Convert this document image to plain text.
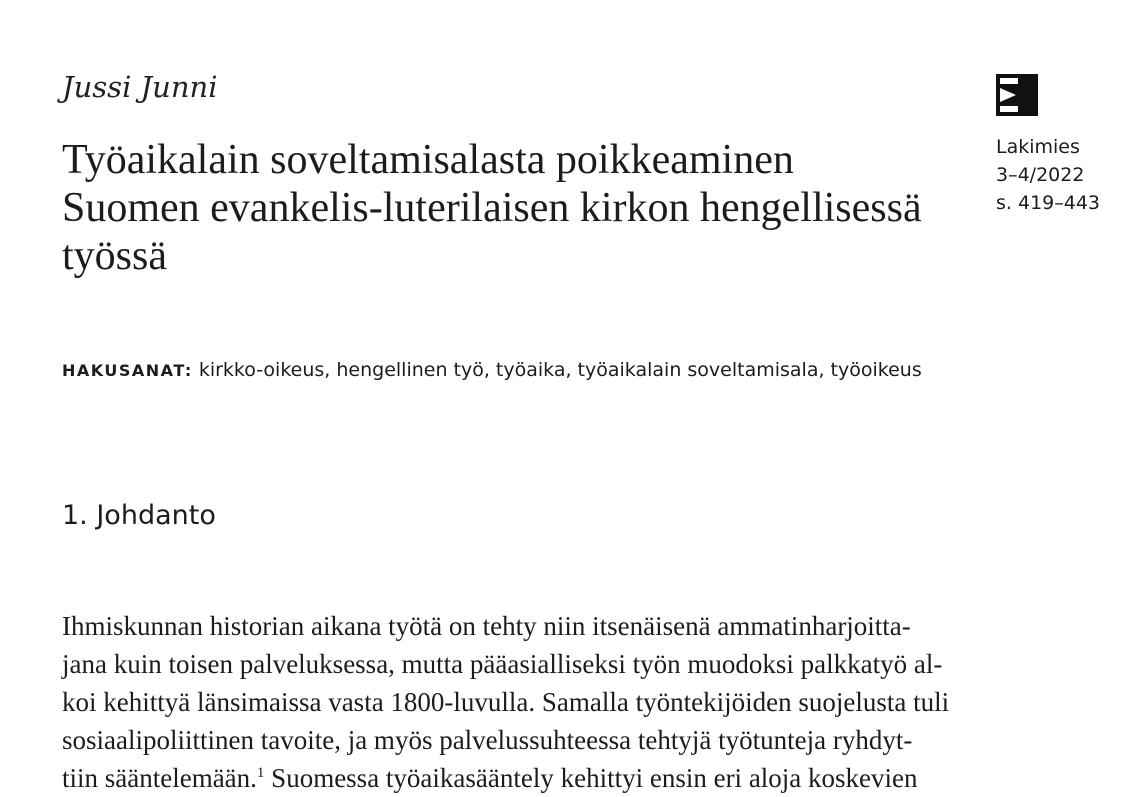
Jussi Junni
Työaikalain soveltamisalasta poikkeaminen
Suomen evankelis-luterilaisen kirkon hengellisessä
työssä
Lakimies
3–4/2022
s. 419–443
HAKUSANAT: kirkko-oikeus, hengellinen työ, työaika, työaikalain soveltamisala, työoikeus
1. Johdanto
Ihmiskunnan historian aikana työtä on tehty niin itsenäisenä ammatinharjoitta-
jana kuin toisen palveluksessa, mutta pääasialliseksi työn muodoksi palkkatyö al-
koi kehittyä länsimaissa vasta 1800-luvulla. Samalla työntekijöiden suojelusta tuli
sosiaalipoliittinen tavoite, ja myös palvelussuhteessa tehtyjä työtunteja ryhdyt-
tiin sääntelemään.$^1$ Suomessa työaikasääntely kehittyi ensin eri aloja koskevien
